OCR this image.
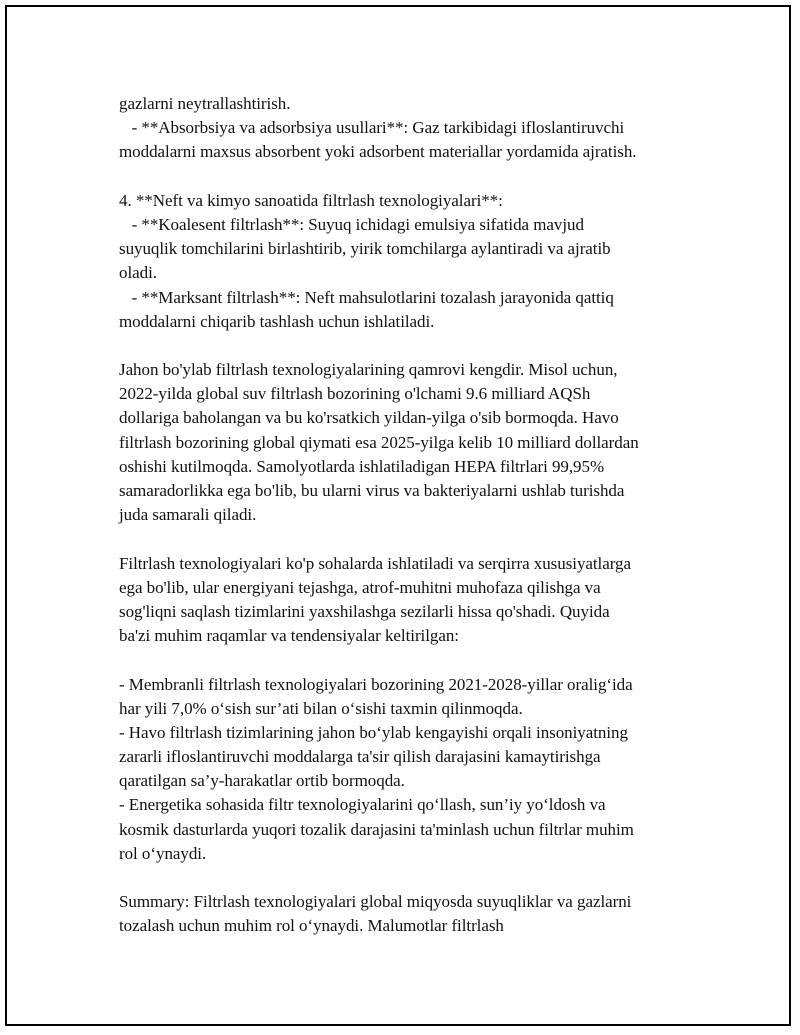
gazlarni neytrallashtirish.
- **Absorbsiya va adsorbsiya usullari**: Gaz tarkibidagi ifloslantiruvchi
moddalarni maxsus absorbent yoki adsorbent materiallar yordamida ajratish.
4. **Neft va kimyo sanoatida filtrlash texnologiyalari**:
- **Koalesent filtrlash**: Suyuq ichidagi emulsiya sifatida mavjud
suyuqlik tomchilarini birlashtirib, yirik tomchilarga aylantiradi va ajratib
oladi.
- **Marksant filtrlash**: Neft mahsulotlarini tozalash jarayonida qattiq
moddalarni chiqarib tashlash uchun ishlatiladi.
Jahon bo'ylab filtrlash texnologiyalarining qamrovi kengdir. Misol uchun,
2022-yilda global suv filtrlash bozorining o'lchami 9.6 milliard AQSh
dollariga baholangan va bu ko'rsatkich yildan-yilga o'sib bormoqda. Havo
filtrlash bozorining global qiymati esa 2025-yilga kelib 10 milliard dollardan
oshishi kutilmoqda. Samolyotlarda ishlatiladigan HEPA filtrlari 99,95%
samaradorlikka ega bo'lib, bu ularni virus va bakteriyalarni ushlab turishda
juda samarali qiladi.
Filtrlash texnologiyalari ko'p sohalarda ishlatiladi va serqirra xususiyatlarga
ega bo'lib, ular energiyani tejashga, atrof-muhitni muhofaza qilishga va
sog'liqni saqlash tizimlarini yaxshilashga sezilarli hissa qo'shadi. Quyida
ba'zi muhim raqamlar va tendensiyalar keltirilgan:
- Membranli filtrlash texnologiyalari bozorining 2021-2028-yillar oralig‘ida
har yili 7,0% o‘sish sur’ati bilan o‘sishi taxmin qilinmoqda.
- Havo filtrlash tizimlarining jahon bo‘ylab kengayishi orqali insoniyatning
zararli ifloslantiruvchi moddalarga ta'sir qilish darajasini kamaytirishga
qaratilgan sa’y-harakatlar ortib bormoqda.
- Energetika sohasida filtr texnologiyalarini qo‘llash, sun’iy yo‘ldosh va
kosmik dasturlarda yuqori tozalik darajasini ta'minlash uchun filtrlar muhim
rol o‘ynaydi.
Summary: Filtrlash texnologiyalari global miqyosda suyuqliklar va gazlarni
tozalash uchun muhim rol o‘ynaydi. Malumotlar filtrlash
